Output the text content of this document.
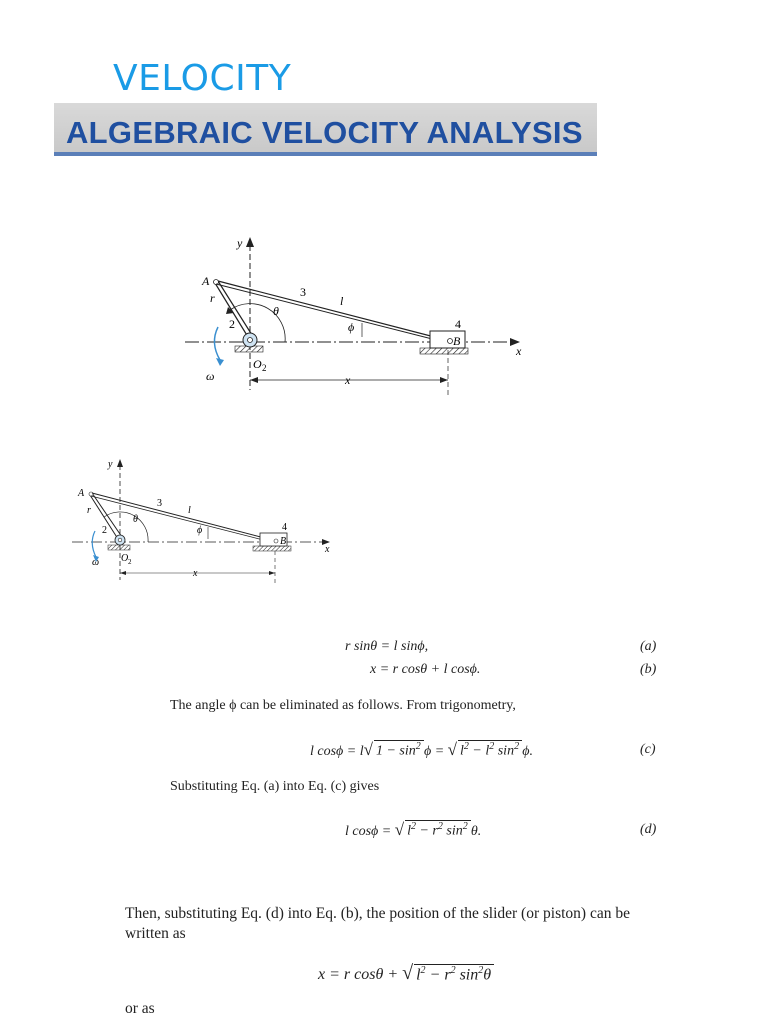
VELOCITY
ALGEBRAIC VELOCITY ANALYSIS
y
A
r
2
3
l
θ
ϕ	4
B
x
ω
O 2
x
y
A
r
2
3
l
θ
ϕ	4
B
x
ω O 2
x
r sinθ = l sinϕ,	(a)
x = r cosθ + l cosϕ.	(b)
The angle ϕ can be eliminated as follows. From trigonometry,
l cosϕ = l√ $1 - \sin^2$  ϕ = √ $l^2 - l^2$ $\sin^2$  ϕ.	(c)
Substituting Eq. (a) into Eq. (c) gives
l cosϕ = √ $l^2 - r^2$ $\sin^2$  θ.	(d)
Then, substituting Eq. (d) into Eq. (b), the position of the slider (or piston) can be
written as
x = r cosθ + √ $l^2 - r^2$ $\sin^2\theta$ 
or as
